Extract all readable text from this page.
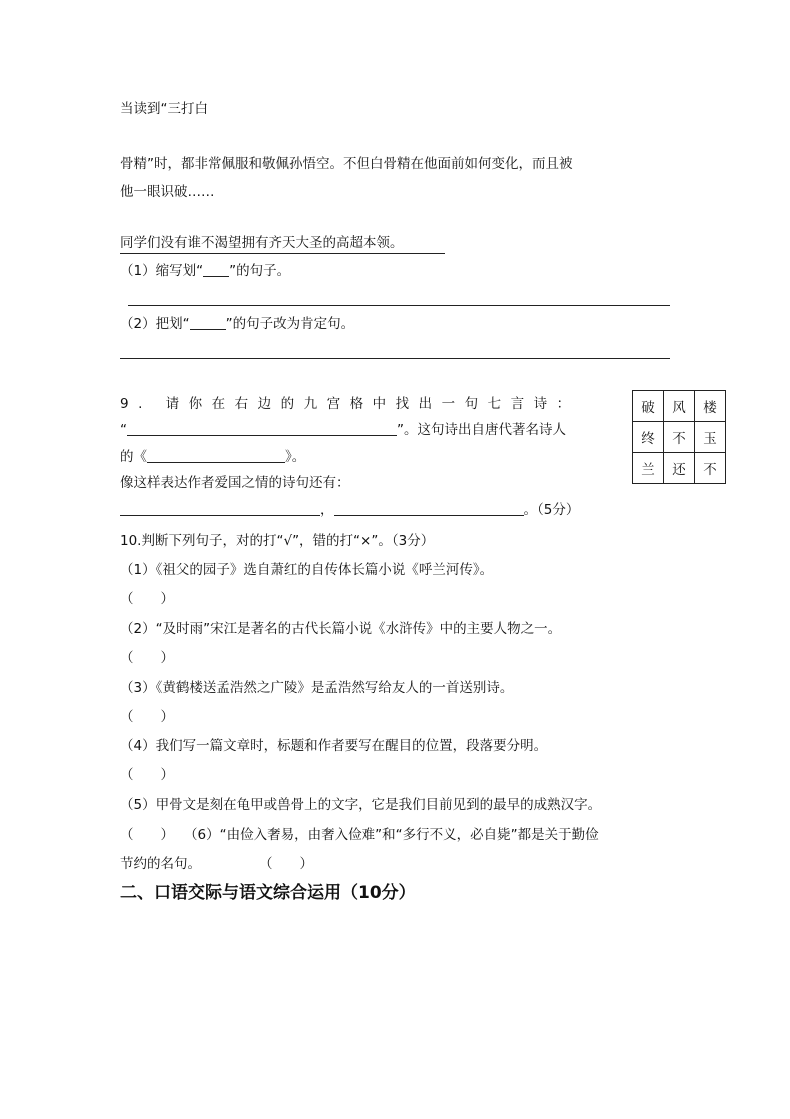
当读到“三打白
骨精”时，都非常佩服和敬佩孙悟空。不但白骨精在他面前如何变化，而且被
他一眼识破……
同学们没有谁不渴望拥有齐天大圣的高超本领。
（1）缩写划“ ”的句子。
（2）把划“	”的句子改为肯定句。
9. 请你在右边的九宫格中找出一句七言诗：
“	”。这句诗出自唐代著名诗人
的《	》。
像这样表达作者爱国之情的诗句还有：
，	。（5分）
破	风	楼
终	不	玉
兰	还	不
10.判断下列句子，对的打“√”，错的打“×”。（3分）
（1）《祖父的园子》选自萧红的自传体长篇小说《呼兰河传》。
（　　）
（2）“及时雨”宋江是著名的古代长篇小说《水浒传》中的主要人物之一。
（　　）
（3）《黄鹤楼送孟浩然之广陵》是孟浩然写给友人的一首送别诗。
（　　）
（4）我们写一篇文章时，标题和作者要写在醒目的位置，段落要分明。
（　　）
（5）甲骨文是刻在龟甲或兽骨上的文字，它是我们目前见到的最早的成熟汉字。
（　　） （6）“由俭入奢易，由奢入俭难”和“多行不义，必自毙”都是关于勤俭
节约的名句。	（　　）
二、口语交际与语文综合运用（10分）
